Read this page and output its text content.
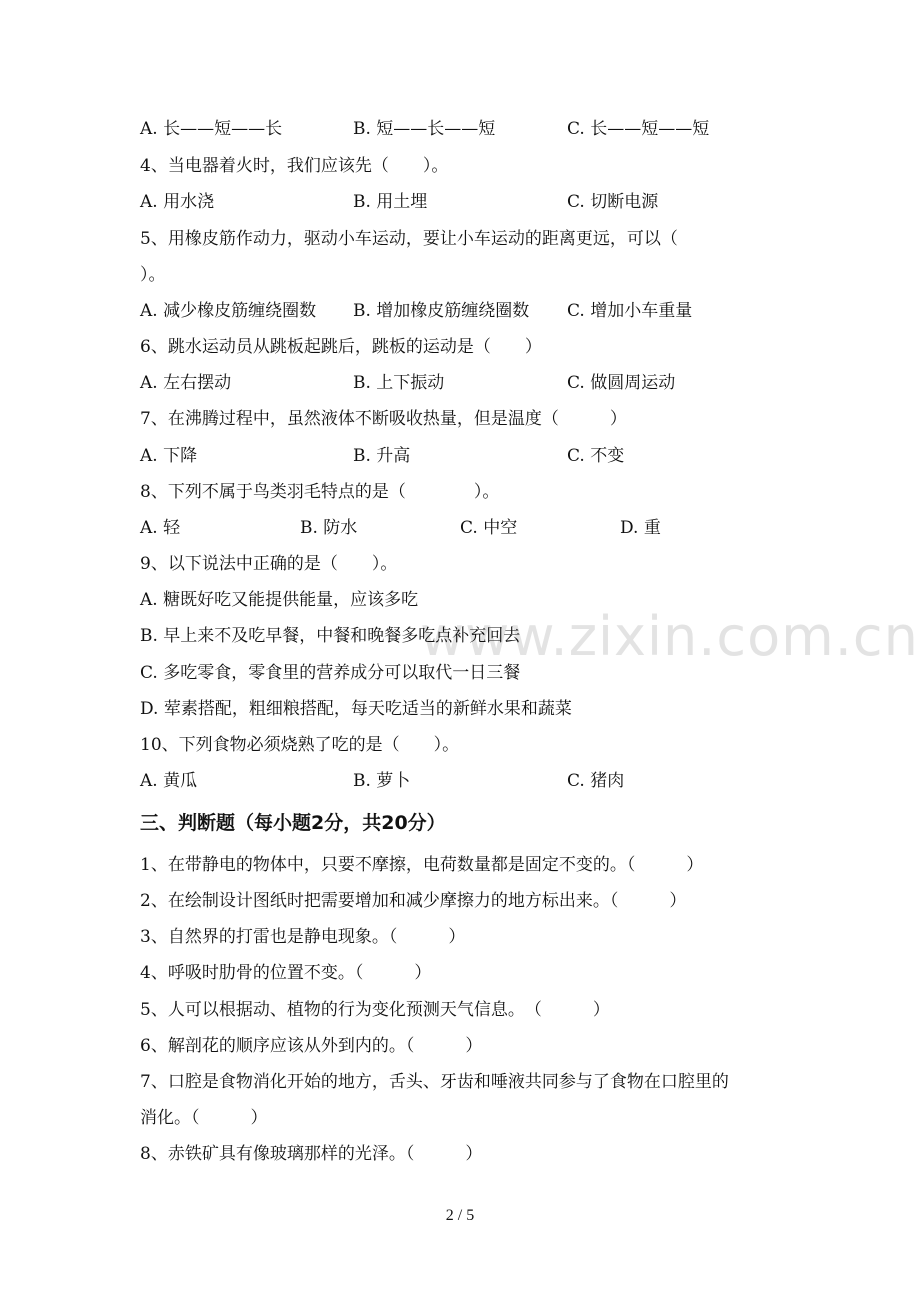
www.zixin.com.cn
A. 长——短——长	B. 短——长——短	C. 长——短——短
4、当电器着火时，我们应该先（　　）。
A. 用水浇	B. 用土埋	C. 切断电源
5、用橡皮筋作动力，驱动小车运动，要让小车运动的距离更远，可以（
）。
A. 减少橡皮筋缠绕圈数 B. 增加橡皮筋缠绕圈数 C. 增加小车重量
6、跳水运动员从跳板起跳后，跳板的运动是（　　）
A. 左右摆动	B. 上下振动	C. 做圆周运动
7、在沸腾过程中，虽然液体不断吸收热量，但是温度（　　　）
A. 下降	B. 升高	C. 不变
8、下列不属于鸟类羽毛特点的是（　　　　）。
A. 轻	B. 防水	C. 中空	D. 重
9、以下说法中正确的是（　　）。
A. 糖既好吃又能提供能量，应该多吃
B. 早上来不及吃早餐，中餐和晚餐多吃点补充回去
C. 多吃零食，零食里的营养成分可以取代一日三餐
D. 荤素搭配，粗细粮搭配，每天吃适当的新鲜水果和蔬菜
10、下列食物必须烧熟了吃的是（　　）。
A. 黄瓜	B. 萝卜	C. 猪肉
三、判断题（每小题2分，共20分）
1、在带静电的物体中，只要不摩擦，电荷数量都是固定不变的。（　　　）
2、在绘制设计图纸时把需要增加和减少摩擦力的地方标出来。（　　　）
3、自然界的打雷也是静电现象。（　　　）
4、呼吸时肋骨的位置不变。（　　　）
5、人可以根据动、植物的行为变化预测天气信息。　（　　　）
6、解剖花的顺序应该从外到内的。（　　　）
7、口腔是食物消化开始的地方，舌头、牙齿和唾液共同参与了食物在口腔里的
消化。（　　　）
8、赤铁矿具有像玻璃那样的光泽。（　　　）
2 / 5
